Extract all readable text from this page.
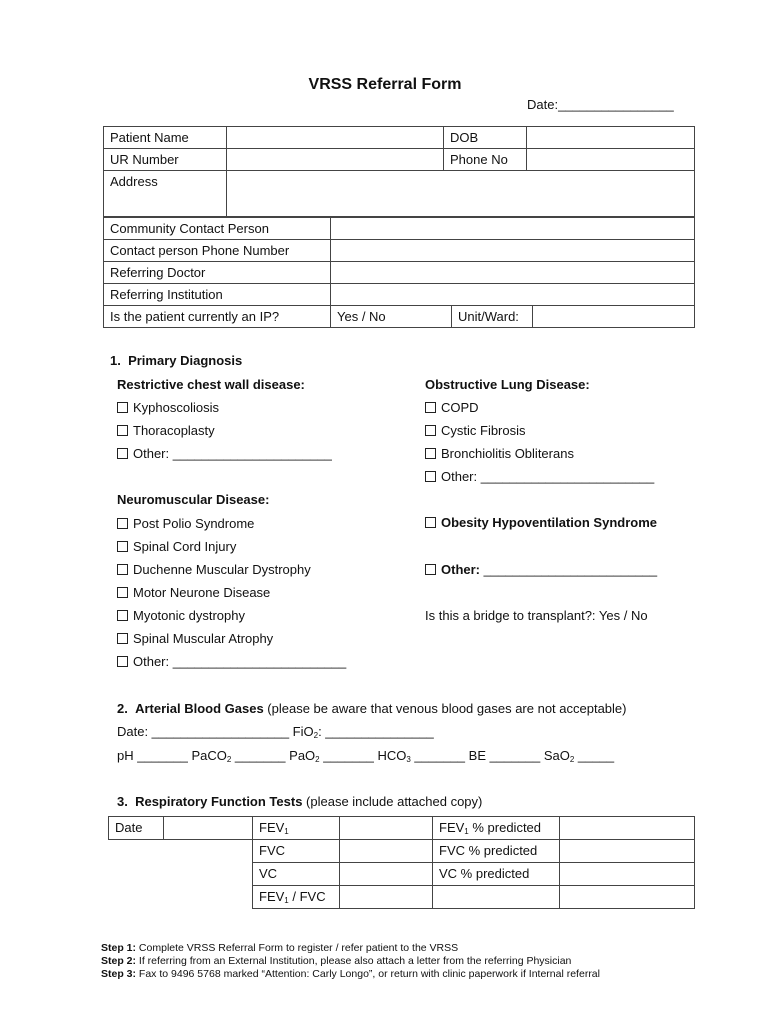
VRSS Referral Form
Date:________________
Patient Name		DOB	
UR Number		Phone No	
Address			
Community Contact Person			
Contact person Phone Number			
Referring Doctor			
Referring Institution			
Is the patient currently an IP?	Yes / No	Unit/Ward:	
1. Primary Diagnosis
Restrictive chest wall disease:
Kyphoscoliosis
Thoracoplasty
Other: ______________________
Obstructive Lung Disease:
COPD
Cystic Fibrosis
Bronchiolitis Obliterans
Other: ________________________
Neuromuscular Disease:
Post Polio Syndrome
Spinal Cord Injury
Duchenne Muscular Dystrophy
Motor Neurone Disease
Myotonic dystrophy
Spinal Muscular Atrophy
Other: ________________________
Obesity Hypoventilation Syndrome
Other: ________________________
Is this a bridge to transplant?: Yes / No
2. Arterial Blood Gases (please be aware that venous blood gases are not acceptable)
Date: ___________________ FiO$_2$: _______________
pH _______ PaCO$_2$ _______ PaO$_2$ _______ $HCO_3$ _______ BE _______ SaO$_2$ _____
3. Respiratory Function Tests (please include attached copy)
Date		$FEV_1$		$FEV_1$ % predicted	
		FVC		FVC % predicted	
		VC		VC % predicted	
		$FEV_1$ / FVC			
Step 1: Complete VRSS Referral Form to register / refer patient to the VRSS
Step 2: If referring from an External Institution, please also attach a letter from the referring Physician
Step 3: Fax to 9496 5768 marked “Attention: Carly Longo”, or return with clinic paperwork if Internal referral
